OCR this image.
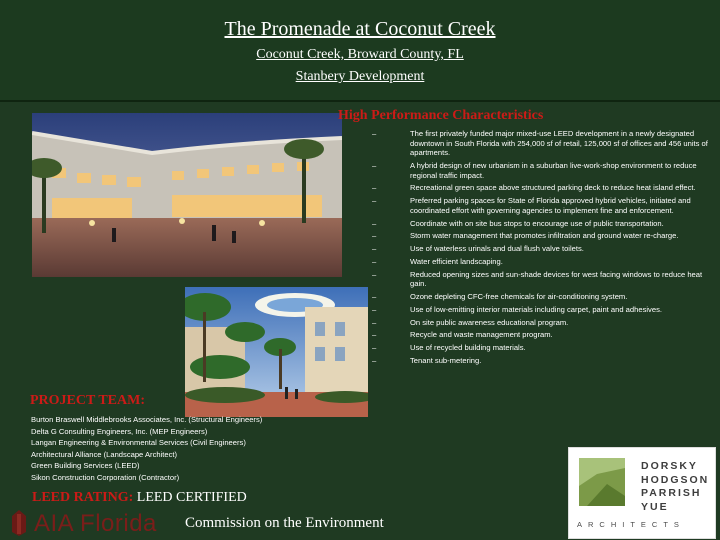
The Promenade at Coconut Creek
Coconut Creek, Broward County, FL
Stanbery Development
High Performance Characteristics
–	The first privately funded major mixed-use LEED development in a newly designated downtown in South Florida with 254,000 sf of retail, 125,000 sf of offices and 456 units of apartments.
–	A hybrid design of new urbanism in a suburban live-work-shop environment to reduce regional traffic impact.
–	Recreational green space above structured parking deck to reduce heat island effect.
–	Preferred parking spaces for State of Florida approved hybrid vehicles, initiated and coordinated effort with governing agencies to implement fine and enforcement.
–	Coordinate with on site bus stops to encourage use of public transportation.
–	Storm water management that promotes infiltration and ground water re-charge.
–	Use of waterless urinals and dual flush valve toilets.
–	Water efficient landscaping.
–	Reduced opening sizes and sun-shade devices for west facing windows to reduce heat gain.
–	Ozone depleting CFC-free chemicals for air-conditioning system.
–	Use of low-emitting interior materials including carpet, paint and adhesives.
–	On site public awareness educational program.
–	Recycle and waste management program.
–	Use of recycled building materials.
–	Tenant sub-metering.
PROJECT TEAM:
Burton Braswell Middlebrooks Associates, Inc. (Structural Engineers)
Delta G Consulting Engineers, Inc. (MEP Engineers)
Langan Engineering & Environmental Services (Civil Engineers)
Architectural Alliance (Landscape Architect)
Green Building Services (LEED)
Sikon Construction Corporation (Contractor)
LEED RATING: LEED CERTIFIED
AIA Florida Commission on the Environment
DORSKY
HODGSON
PARRISH
YUE
ARCHITECTS
